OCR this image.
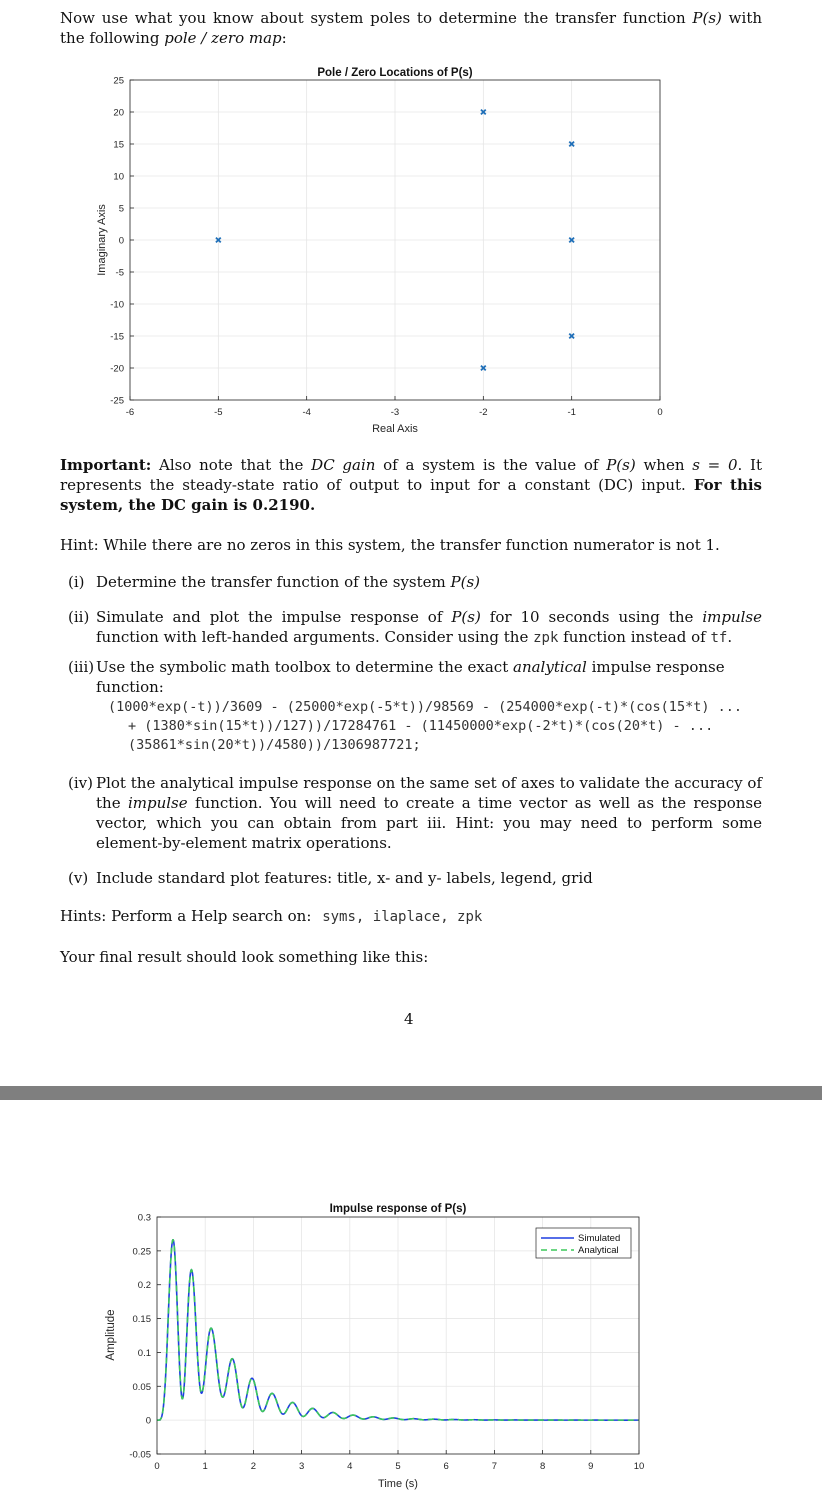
Now use what you know about system poles to determine the transfer function P(s) with the following pole / zero map:
-6	-5	-4	-3	-2	-1	0
25
20
15
10
5
0
-5
-10
-15
-20
-25
Pole / Zero Locations of P(s)
Real Axis
Imaginary Axis
Important: Also note that the DC gain of a system is the value of P(s) when s = 0. It represents the steady-state ratio of output to input for a constant (DC) input. For this system, the DC gain is 0.2190.
Hint: While there are no zeros in this system, the transfer function numerator is not 1.
(i) Determine the transfer function of the system P(s)
(ii) Simulate and plot the impulse response of P(s) for 10 seconds using the impulse function with left-handed arguments. Consider using the zpk function instead of tf.
(iii) Use the symbolic math toolbox to determine the exact analytical impulse response function:
(1000*exp(-t))/3609 - (25000*exp(-5*t))/98569 - (254000*exp(-t)*(cos(15*t) ...
+ (1380*sin(15*t))/127))/17284761 - (11450000*exp(-2*t)*(cos(20*t) - ...
(35861*sin(20*t))/4580))/1306987721;
(iv) Plot the analytical impulse response on the same set of axes to validate the accuracy of the impulse function. You will need to create a time vector as well as the response vector, which you can obtain from part iii. Hint: you may need to perform some element-by-element matrix operations.
(v) Include standard plot features: title, x- and y- labels, legend, grid
Hints: Perform a Help search on: syms, ilaplace, zpk
Your final result should look something like this:
4
0	1	2	3	4	5	6	7	8	9	10
0.3
0.25
0.2
0.15
0.1
0.05
0
-0.05
Impulse response of P(s)
Time (s)
Amplitude
Simulated
Analytical
